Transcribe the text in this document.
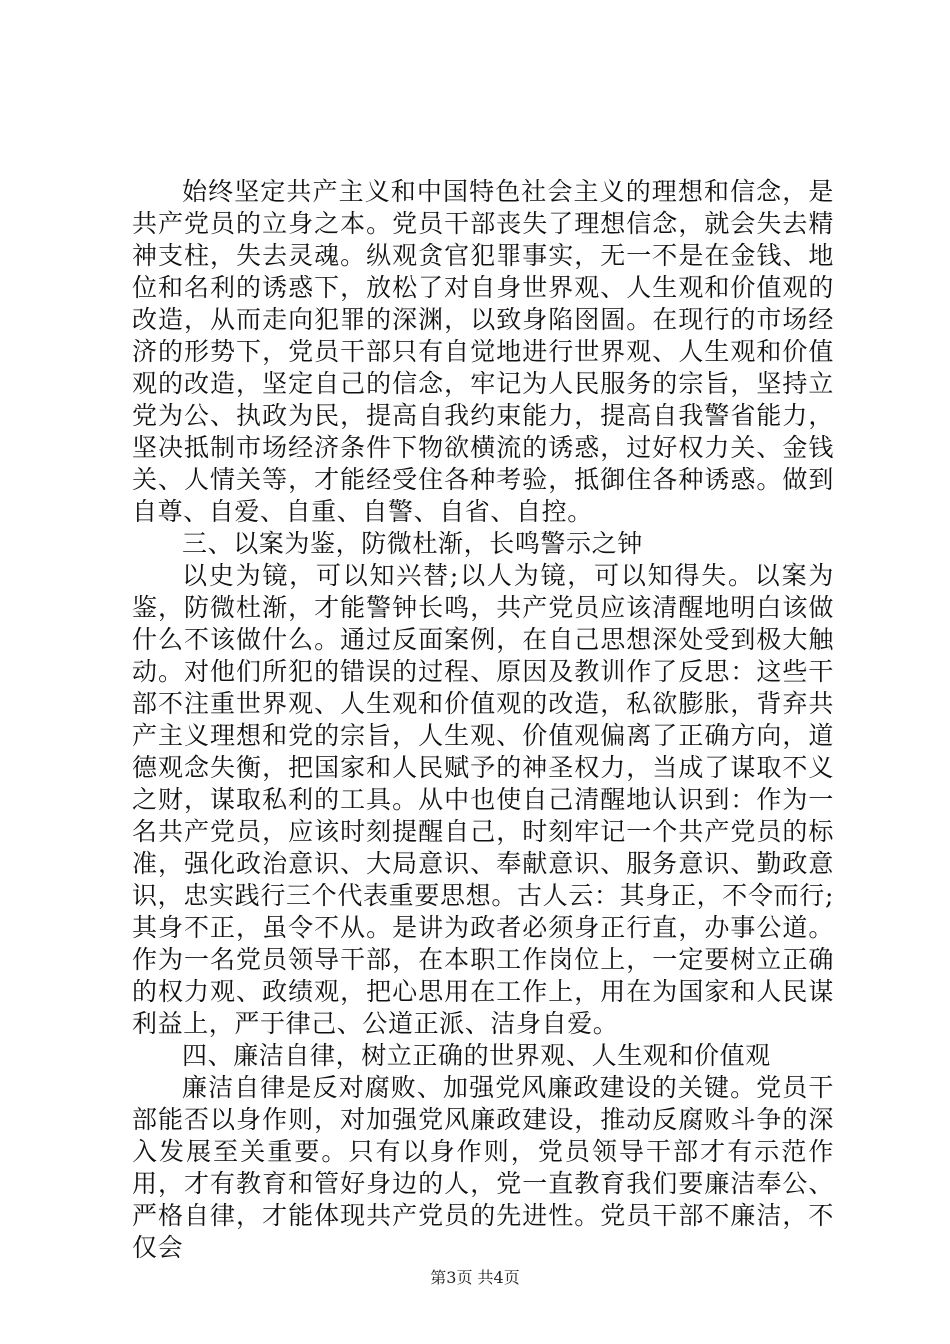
始终坚定共产主义和中国特色社会主义的理想和信念，是共产党员的立身之本。党员干部丧失了理想信念，就会失去精神支柱，失去灵魂。纵观贪官犯罪事实，无一不是在金钱、地位和名利的诱惑下，放松了对自身世界观、人生观和价值观的改造，从而走向犯罪的深渊，以致身陷囹圄。在现行的市场经济的形势下，党员干部只有自觉地进行世界观、人生观和价值观的改造，坚定自己的信念，牢记为人民服务的宗旨，坚持立党为公、执政为民，提高自我约束能力，提高自我警省能力，坚决抵制市场经济条件下物欲横流的诱惑，过好权力关、金钱关、人情关等，才能经受住各种考验，抵御住各种诱惑。做到自尊、自爱、自重、自警、自省、自控。

三、以案为鉴，防微杜渐，长鸣警示之钟

以史为镜，可以知兴替;以人为镜，可以知得失。以案为鉴，防微杜渐，才能警钟长鸣，共产党员应该清醒地明白该做什么不该做什么。通过反面案例，在自己思想深处受到极大触动。对他们所犯的错误的过程、原因及教训作了反思：这些干部不注重世界观、人生观和价值观的改造，私欲膨胀，背弃共产主义理想和党的宗旨，人生观、价值观偏离了正确方向，道德观念失衡，把国家和人民赋予的神圣权力，当成了谋取不义之财，谋取私利的工具。从中也使自己清醒地认识到：作为一名共产党员，应该时刻提醒自己，时刻牢记一个共产党员的标准，强化政治意识、大局意识、奉献意识、服务意识、勤政意识，忠实践行三个代表重要思想。古人云：其身正，不令而行;其身不正，虽令不从。是讲为政者必须身正行直，办事公道。作为一名党员领导干部，在本职工作岗位上，一定要树立正确的权力观、政绩观，把心思用在工作上，用在为国家和人民谋利益上，严于律己、公道正派、洁身自爱。

四、廉洁自律，树立正确的世界观、人生观和价值观

廉洁自律是反对腐败、加强党风廉政建设的关键。党员干部能否以身作则，对加强党风廉政建设，推动反腐败斗争的深入发展至关重要。只有以身作则，党员领导干部才有示范作用，才有教育和管好身边的人，党一直教育我们要廉洁奉公、严格自律，才能体现共产党员的先进性。党员干部不廉洁，不仅会

第3页 共4页
